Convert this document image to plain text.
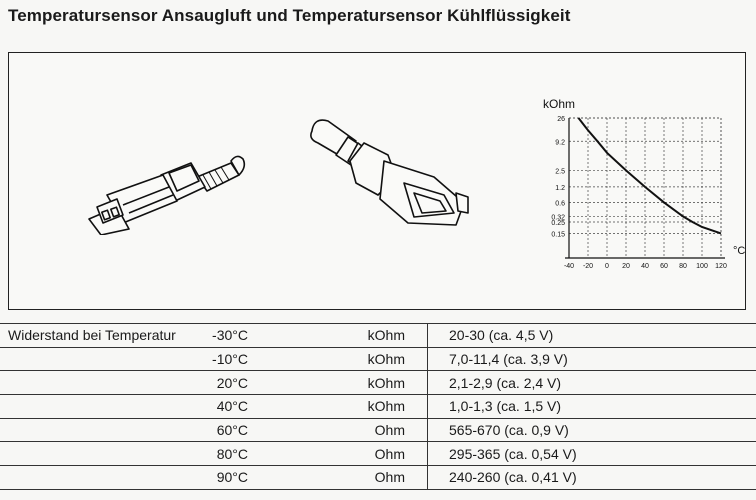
Temperatursensor Ansaugluft und Temperatursensor Kühlflüssigkeit
kOhm
26
9.2
2.5
1.2
0.6
0.32
0.25
0.15
-40 -20 0 20 40 60 80 100 120
°C
Widerstand bei Temperatur	-30°C	kOhm	20-30 (ca. 4,5 V)
	-10°C	kOhm	7,0-11,4 (ca. 3,9 V)
	20°C	kOhm	2,1-2,9 (ca. 2,4 V)
	40°C	kOhm	1,0-1,3 (ca. 1,5 V)
	60°C	Ohm	565-670 (ca. 0,9 V)
	80°C	Ohm	295-365 (ca. 0,54 V)
	90°C	Ohm	240-260 (ca. 0,41 V)
